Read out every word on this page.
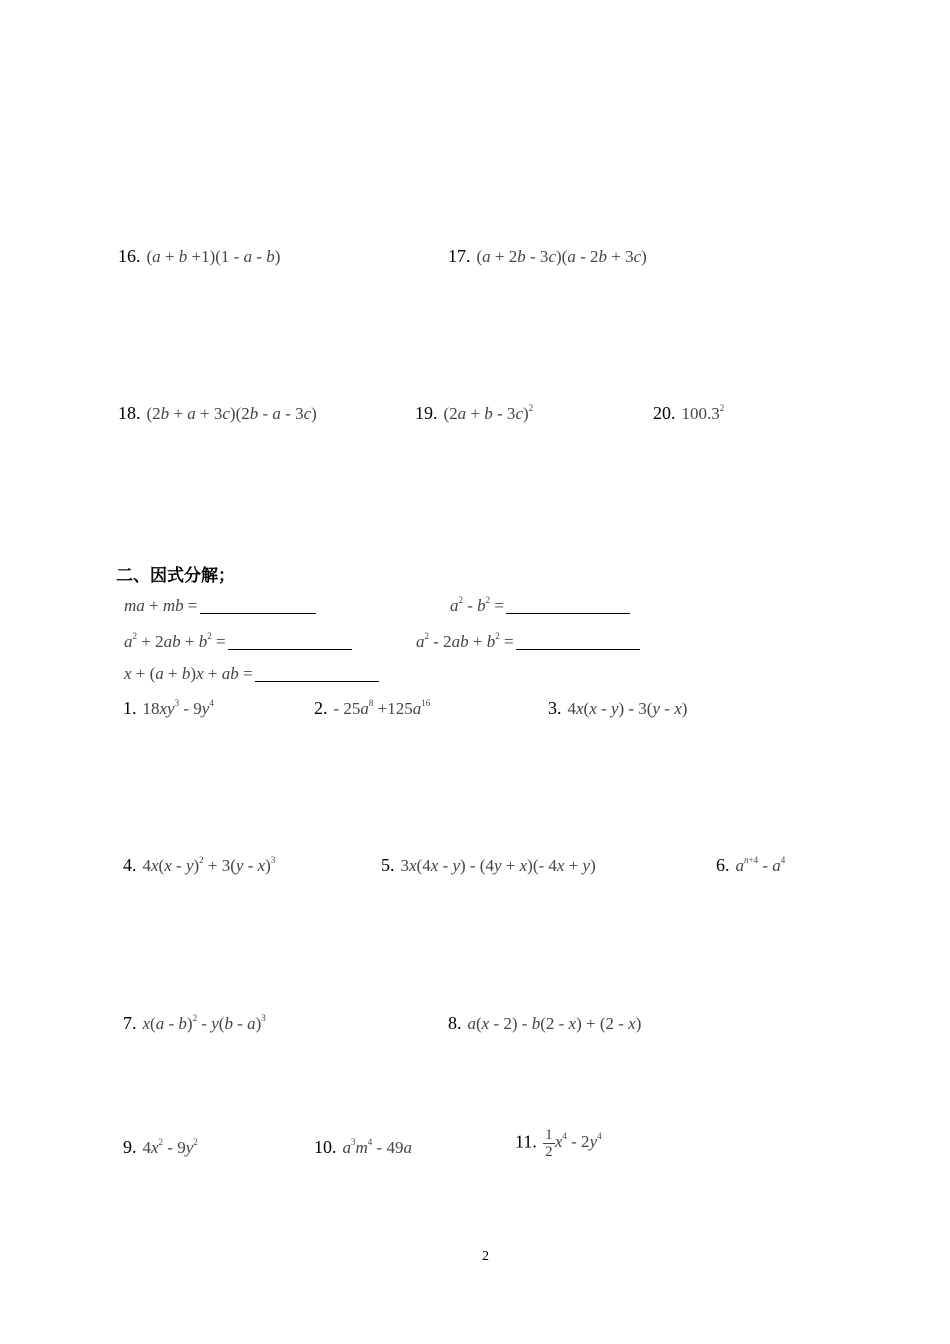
16. (a + b +1)(1 - a - b)	17. (a + 2b - 3c)(a - 2b + 3c)
18. (2b + a + 3c)(2b - a - 3c)	19. $(2a + b - 3c)^2$	20. 100.3$^2$
二、因式分解；
ma + mb =	$a^2 - b^2$ =
$a^2 + 2ab + b^2$ =	$a^2 - 2ab + b^2$ =
x + (a + b)x + ab =
1. $18xy^3 - 9y^4$	2. - $25a^8 +125a^{16}$	3. 4x(x - y) - 3(y - x)
4. 4x(x - y)$^2$ + 3(y - x)$^3$	5. 3x(4x - y) - (4y + x)(- 4x + y)	6. $a^{n+4} - a^4$
7. x(a - b)$^2$ - y(b - a)$^3$	8. a(x - 2) - b(2 - x) + (2 - x)
9. $4x^2 - 9y^2$	10. $a^3m^4 - 49a$	11. $\frac{1}{2} x^4 - 2y^4$
2
